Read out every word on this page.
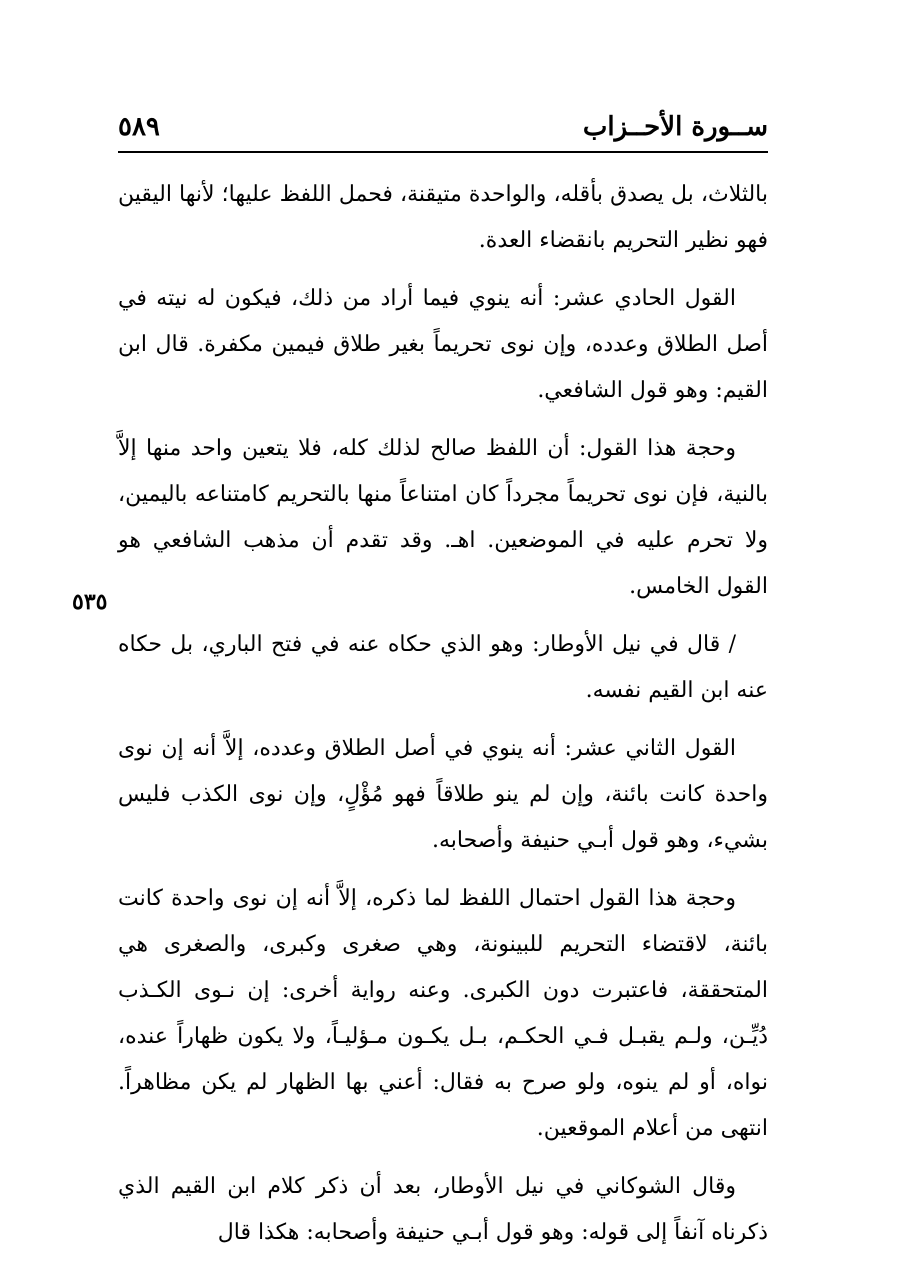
ســورة الأحــزاب
٥٨٩
٥٣٥

بالثلاث، بل يصدق بأقله، والواحدة متيقنة، فحمل اللفظ عليها؛ لأنها اليقين فهو نظير التحريم بانقضاء العدة.

القول الحادي عشر: أنه ينوي فيما أراد من ذلك، فيكون له نيته في أصل الطلاق وعدده، وإن نوى تحريماً بغير طلاق فيمين مكفرة. قال ابن القيم: وهو قول الشافعي.

وحجة هذا القول: أن اللفظ صالح لذلك كله، فلا يتعين واحد منها إلاَّ بالنية، فإن نوى تحريماً مجرداً كان امتناعاً منها بالتحريم كامتناعه باليمين، ولا تحرم عليه في الموضعين. اهـ. وقد تقدم أن مذهب الشافعي هو القول الخامس.

/ قال في نيل الأوطار: وهو الذي حكاه عنه في فتح الباري، بل حكاه عنه ابن القيم نفسه.

القول الثاني عشر: أنه ينوي في أصل الطلاق وعدده، إلاَّ أنه إن نوى واحدة كانت بائنة، وإن لم ينو طلاقاً فهو مُؤْلٍ، وإن نوى الكذب فليس بشيء، وهو قول أبـي حنيفة وأصحابه.

وحجة هذا القول احتمال اللفظ لما ذكره، إلاَّ أنه إن نوى واحدة كانت بائنة، لاقتضاء التحريم للبينونة، وهي صغرى وكبرى، والصغرى هي المتحققة، فاعتبرت دون الكبرى. وعنه رواية أخرى: إن نـوى الكـذب دُيِّـن، ولـم يقبـل فـي الحكـم، بـل يكـون مـؤليـاً، ولا يكون ظهاراً عنده، نواه، أو لم ينوه، ولو صرح به فقال: أعني بها الظهار لم يكن مظاهراً. انتهى من أعلام الموقعين.

وقال الشوكاني في نيل الأوطار، بعد أن ذكر كلام ابن القيم الذي ذكرناه آنفاً إلى قوله: وهو قول أبـي حنيفة وأصحابه: هكذا قال
